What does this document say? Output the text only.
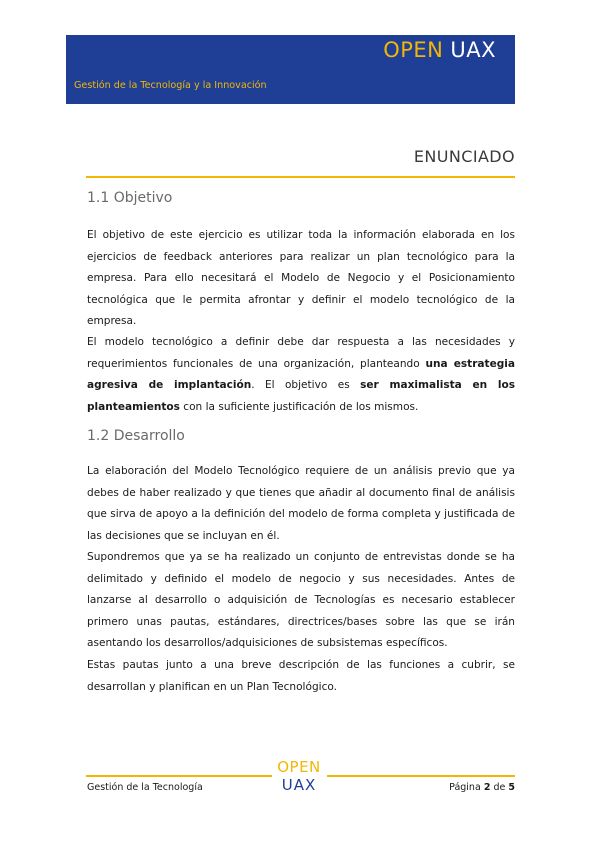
OPEN UAX
Gestión de la Tecnología y la Innovación
ENUNCIADO
1.1 Objetivo
El objetivo de este ejercicio es utilizar toda la información elaborada en los ejercicios de feedback anteriores para realizar un plan tecnológico para la empresa. Para ello necesitará el Modelo de Negocio y el Posicionamiento tecnológica que le permita afrontar y definir el modelo tecnológico de la empresa.
El modelo tecnológico a definir debe dar respuesta a las necesidades y requerimientos funcionales de una organización, planteando una estrategia agresiva de implantación. El objetivo es ser maximalista en los planteamientos con la suficiente justificación de los mismos.
1.2 Desarrollo
La elaboración del Modelo Tecnológico requiere de un análisis previo que ya debes de haber realizado y que tienes que añadir al documento final de análisis que sirva de apoyo a la definición del modelo de forma completa y justificada de las decisiones que se incluyan en él.
Supondremos que ya se ha realizado un conjunto de entrevistas donde se ha delimitado y definido el modelo de negocio y sus necesidades. Antes de lanzarse al desarrollo o adquisición de Tecnologías es necesario establecer primero unas pautas, estándares, directrices/bases sobre las que se irán asentando los desarrollos/adquisiciones de subsistemas específicos.
Estas pautas junto a una breve descripción de las funciones a cubrir, se desarrollan y planifican en un Plan Tecnológico.
OPEN
UAX
Gestión de la Tecnología	Página 2 de 5
